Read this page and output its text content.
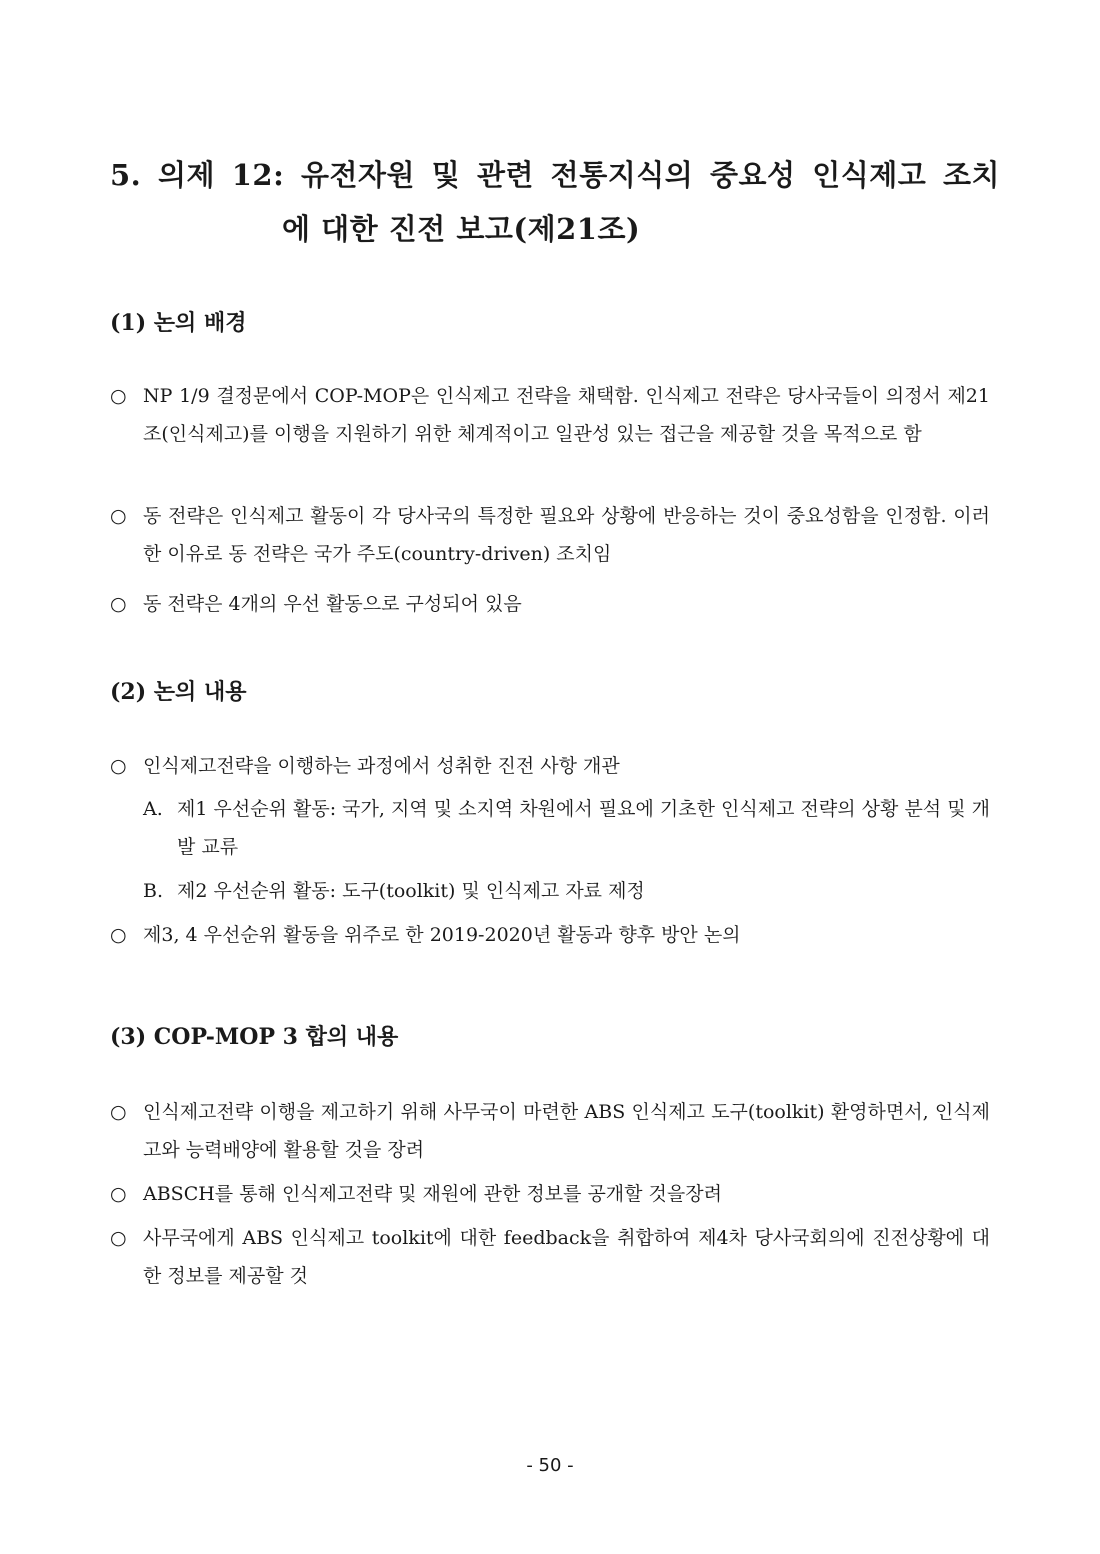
5. 의제 12: 유전자원 및 관련 전통지식의 중요성 인식제고 조치
에 대한 진전 보고(제21조)
(1) 논의 배경
○ NP 1/9 결정문에서 COP-MOP은 인식제고 전략을 채택함. 인식제고 전략은 당사국들이 의정서 제21조(인식제고)를 이행을 지원하기 위한 체계적이고 일관성 있는 접근을 제공할 것을 목적으로 함
○ 동 전략은 인식제고 활동이 각 당사국의 특정한 필요와 상황에 반응하는 것이 중요성함을 인정함. 이러한 이유로 동 전략은 국가 주도(country-driven) 조치임
○ 동 전략은 4개의 우선 활동으로 구성되어 있음
(2) 논의 내용
○ 인식제고전략을 이행하는 과정에서 성취한 진전 사항 개관
A. 제1 우선순위 활동: 국가, 지역 및 소지역 차원에서 필요에 기초한 인식제고 전략의 상황 분석 및 개발 교류
B. 제2 우선순위 활동: 도구(toolkit) 및 인식제고 자료 제정
○ 제3, 4 우선순위 활동을 위주로 한 2019-2020년 활동과 향후 방안 논의
(3) COP-MOP 3 합의 내용
○ 인식제고전략 이행을 제고하기 위해 사무국이 마련한 ABS 인식제고 도구(toolkit) 환영하면서, 인식제고와 능력배양에 활용할 것을 장려
○ ABSCH를 통해 인식제고전략 및 재원에 관한 정보를 공개할 것을장려
○ 사무국에게 ABS 인식제고 toolkit에 대한 feedback을 취합하여 제4차 당사국회의에 진전상황에 대한 정보를 제공할 것
- 50 -
